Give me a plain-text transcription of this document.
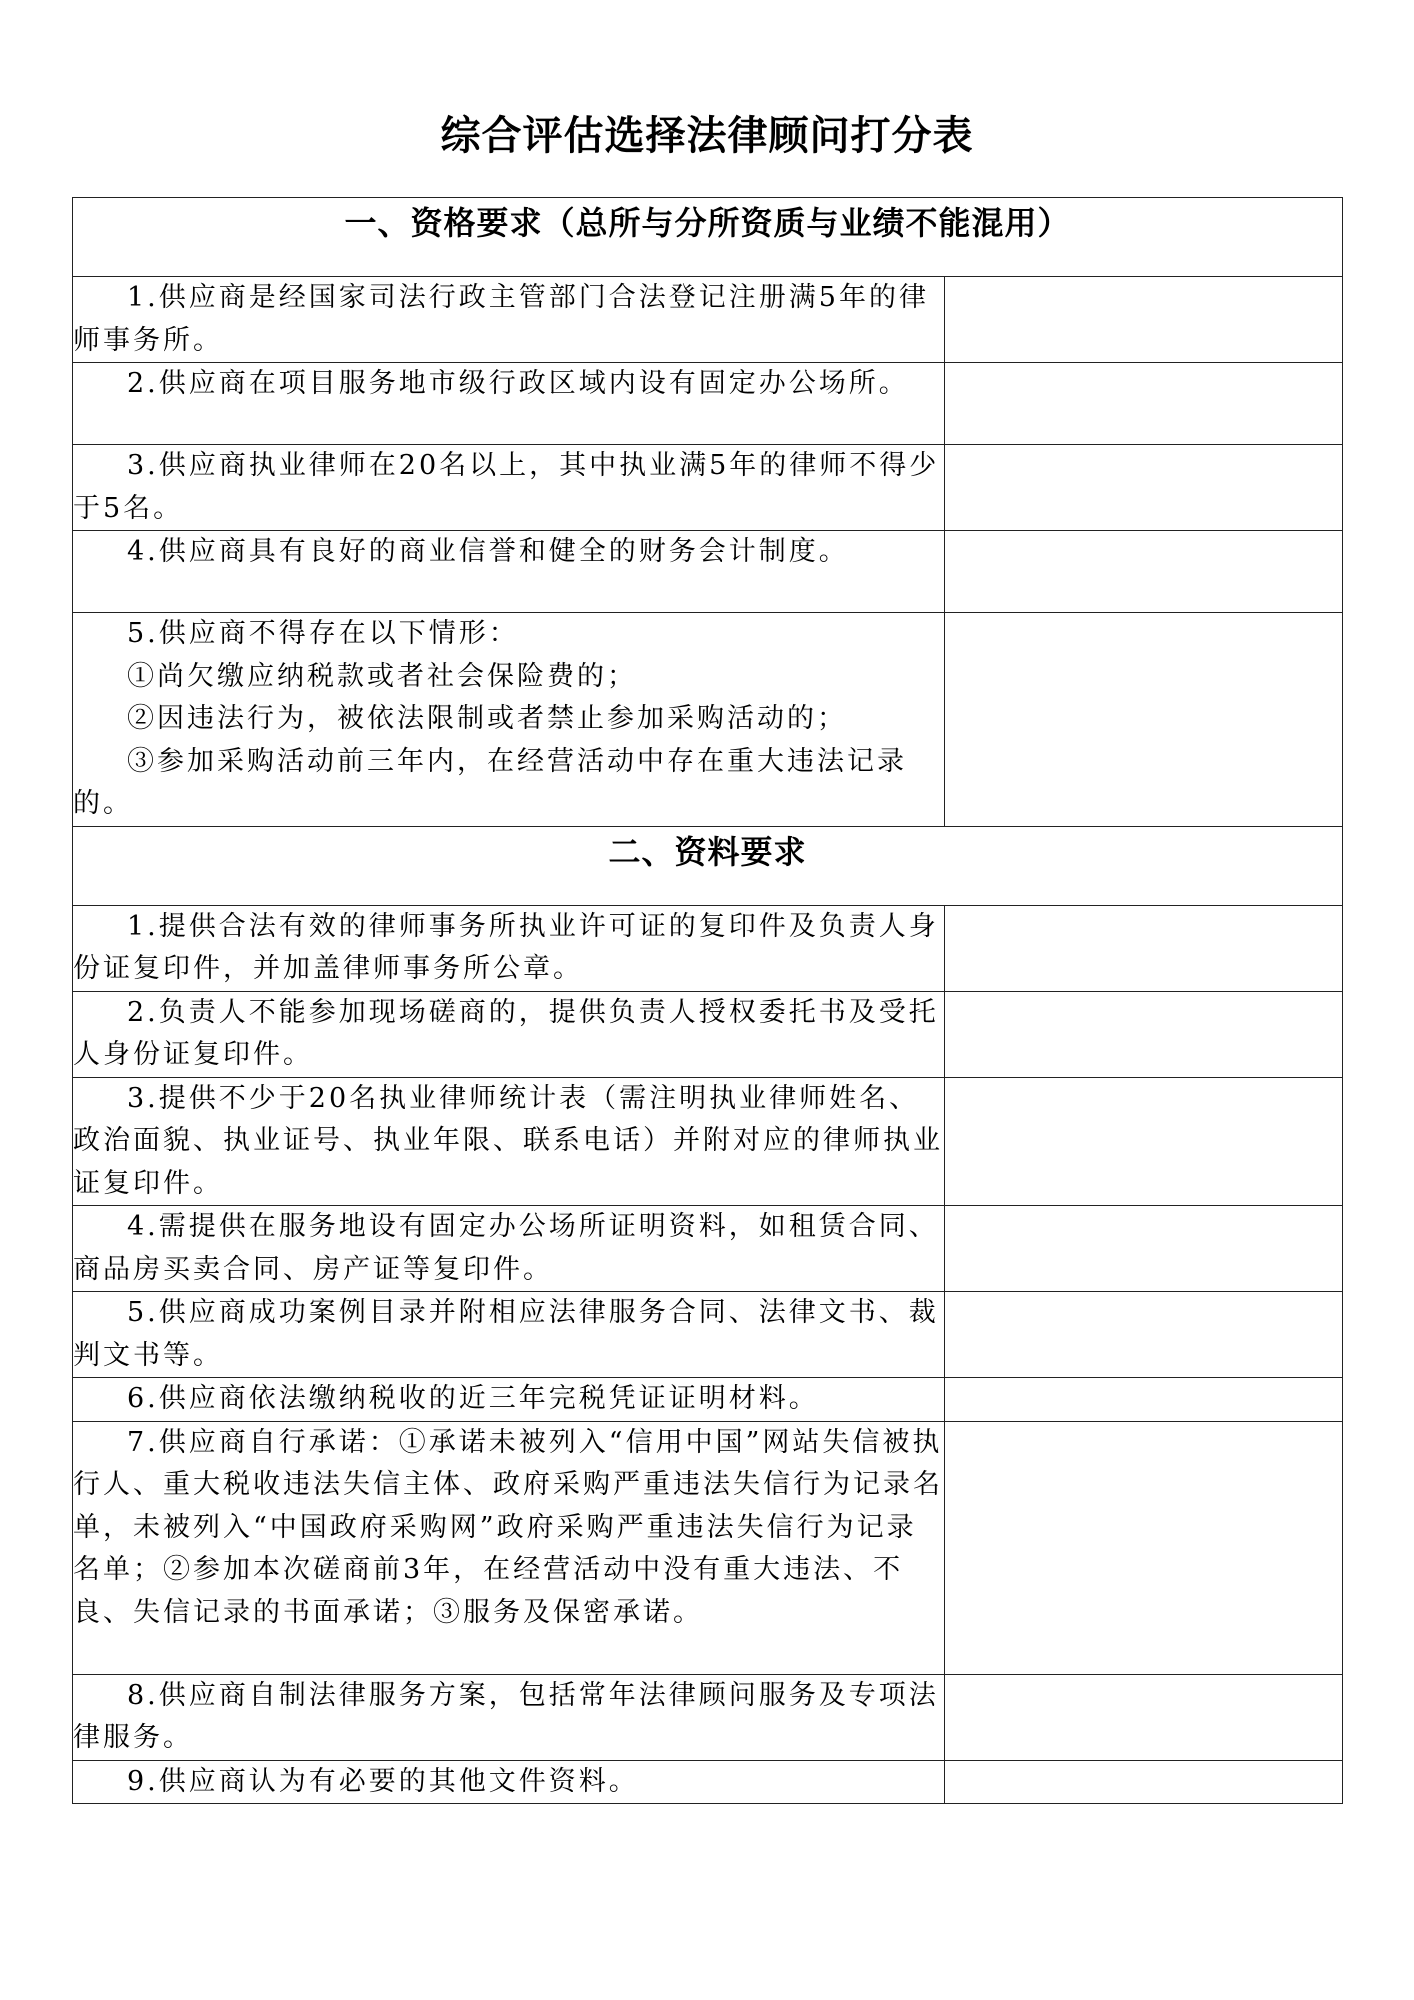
综合评估选择法律顾问打分表
一、资格要求（总所与分所资质与业绩不能混用）	

1.供应商是经国家司法行政主管部门合法登记注册满5年的律师事务所。	

2.供应商在项目服务地市级行政区域内设有固定办公场所。	

3.供应商执业律师在20名以上，其中执业满5年的律师不得少于5名。	

4.供应商具有良好的商业信誉和健全的财务会计制度。	

5.供应商不得存在以下情形：

①尚欠缴应纳税款或者社会保险费的；

②因违法行为，被依法限制或者禁止参加采购活动的；

③参加采购活动前三年内，在经营活动中存在重大违法记录的。	

二、资料要求	

1.提供合法有效的律师事务所执业许可证的复印件及负责人身份证复印件，并加盖律师事务所公章。	

2.负责人不能参加现场磋商的，提供负责人授权委托书及受托人身份证复印件。	

3.提供不少于20名执业律师统计表（需注明执业律师姓名、政治面貌、执业证号、执业年限、联系电话）并附对应的律师执业证复印件。	

4.需提供在服务地设有固定办公场所证明资料，如租赁合同、商品房买卖合同、房产证等复印件。	

5.供应商成功案例目录并附相应法律服务合同、法律文书、裁判文书等。	

6.供应商依法缴纳税收的近三年完税凭证证明材料。	

7.供应商自行承诺：①承诺未被列入“信用中国”网站失信被执行人、重大税收违法失信主体、政府采购严重违法失信行为记录名单，未被列入“中国政府采购网”政府采购严重违法失信行为记录名单；②参加本次磋商前3年，在经营活动中没有重大违法、不良、失信记录的书面承诺；③服务及保密承诺。	

8.供应商自制法律服务方案，包括常年法律顾问服务及专项法律服务。	

9.供应商认为有必要的其他文件资料。	
